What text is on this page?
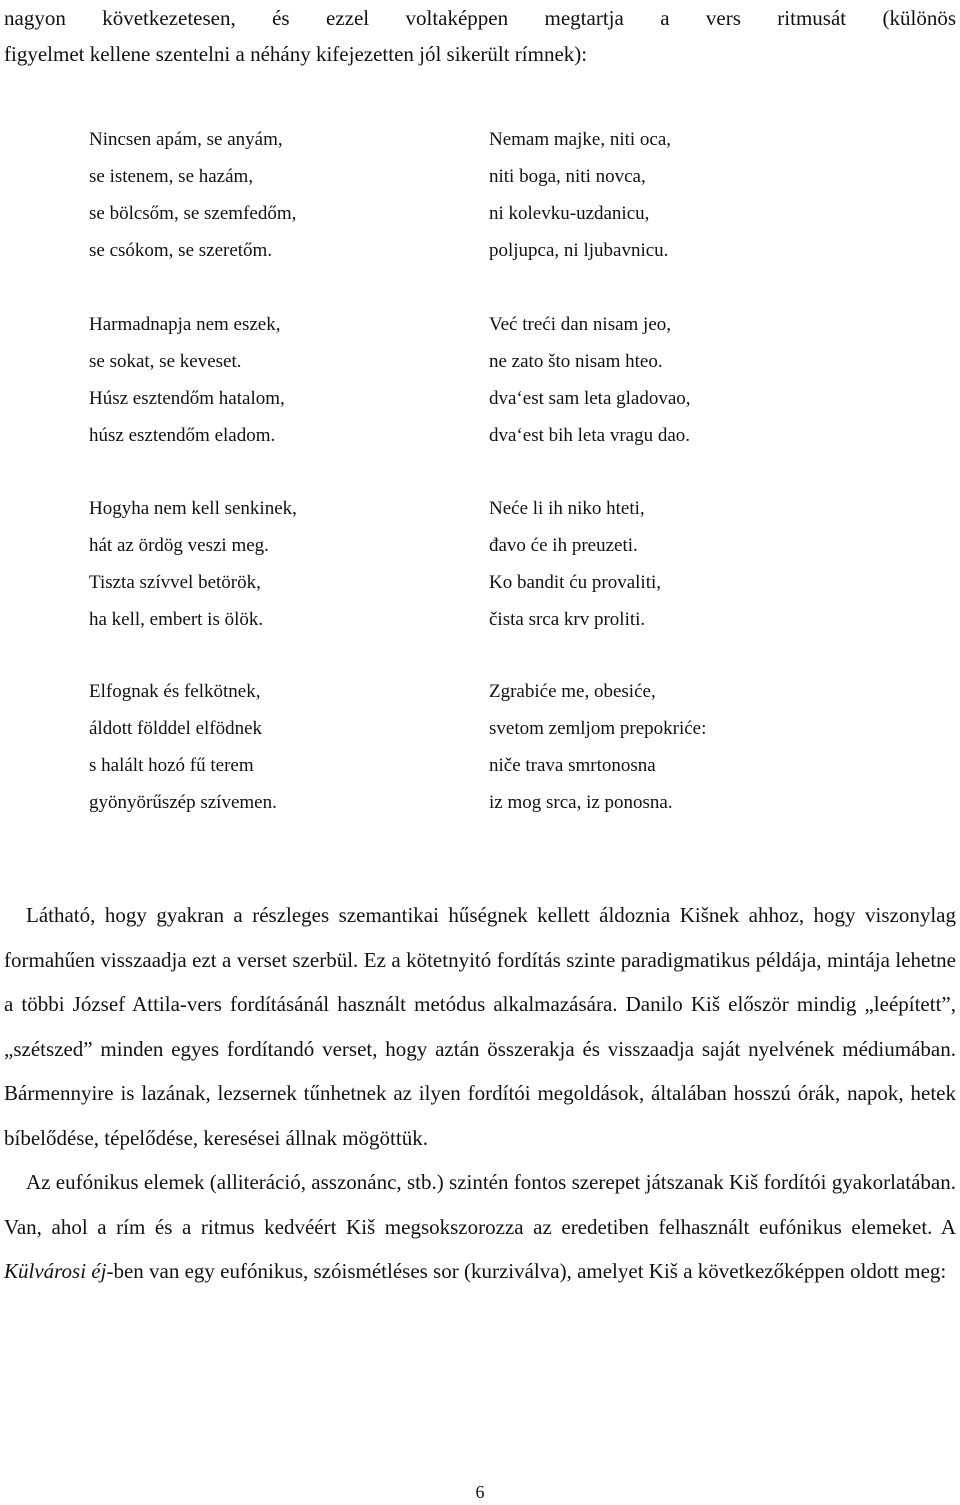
nagyon következetesen, és ezzel voltaképpen megtartja a vers ritmusát (különös

figyelmet kellene szentelni a néhány kifejezetten jól sikerült rímnek):

Nincsen apám, se anyám,
se istenem, se hazám,
se bölcsőm, se szemfedőm,
se csókom, se szeretőm.
Nemam majke, niti oca,
niti boga, niti novca,
ni kolevku-uzdanicu,
poljupca, ni ljubavnicu.
Harmadnapja nem eszek,
se sokat, se keveset.
Húsz esztendőm hatalom,
húsz esztendőm eladom.
Već treći dan nisam jeo,
ne zato što nisam hteo.
dva‘est sam leta gladovao,
dva‘est bih leta vragu dao.
Hogyha nem kell senkinek,
hát az ördög veszi meg.
Tiszta szívvel betörök,
ha kell, embert is ölök.
Neće li ih niko hteti,
đavo će ih preuzeti.
Ko bandit ću provaliti,
čista srca krv proliti.
Elfognak és felkötnek,
áldott földdel elfödnek
s halált hozó fű terem
gyönyörűszép szívemen.
Zgrabiće me, obesiće,
svetom zemljom prepokriće:
niče trava smrtonosna
iz mog srca, iz ponosna.

Látható, hogy gyakran a részleges szemantikai hűségnek kellett áldoznia Kišnek ahhoz, hogy viszonylag formahűen visszaadja ezt a verset szerbül. Ez a kötetnyitó fordítás szinte paradigmatikus példája, mintája lehetne a többi József Attila-vers fordításánál használt metódus alkalmazására. Danilo Kiš először mindig „leépített”, „szétszed” minden egyes fordítandó verset, hogy aztán összerakja és visszaadja saját nyelvének médiumában. Bármennyire is lazának, lezsernek tűnhetnek az ilyen fordítói megoldások, általában hosszú órák, napok, hetek bíbelődése, tépelődése, keresései állnak mögöttük.

Az eufónikus elemek (alliteráció, asszonánc, stb.) szintén fontos szerepet játszanak Kiš fordítói gyakorlatában. Van, ahol a rím és a ritmus kedvéért Kiš megsokszorozza az eredetiben felhasznált eufónikus elemeket. A Külvárosi éj-ben van egy eufónikus, szóismétléses sor (kurziválva), amelyet Kiš a következőképpen oldott meg:

6
